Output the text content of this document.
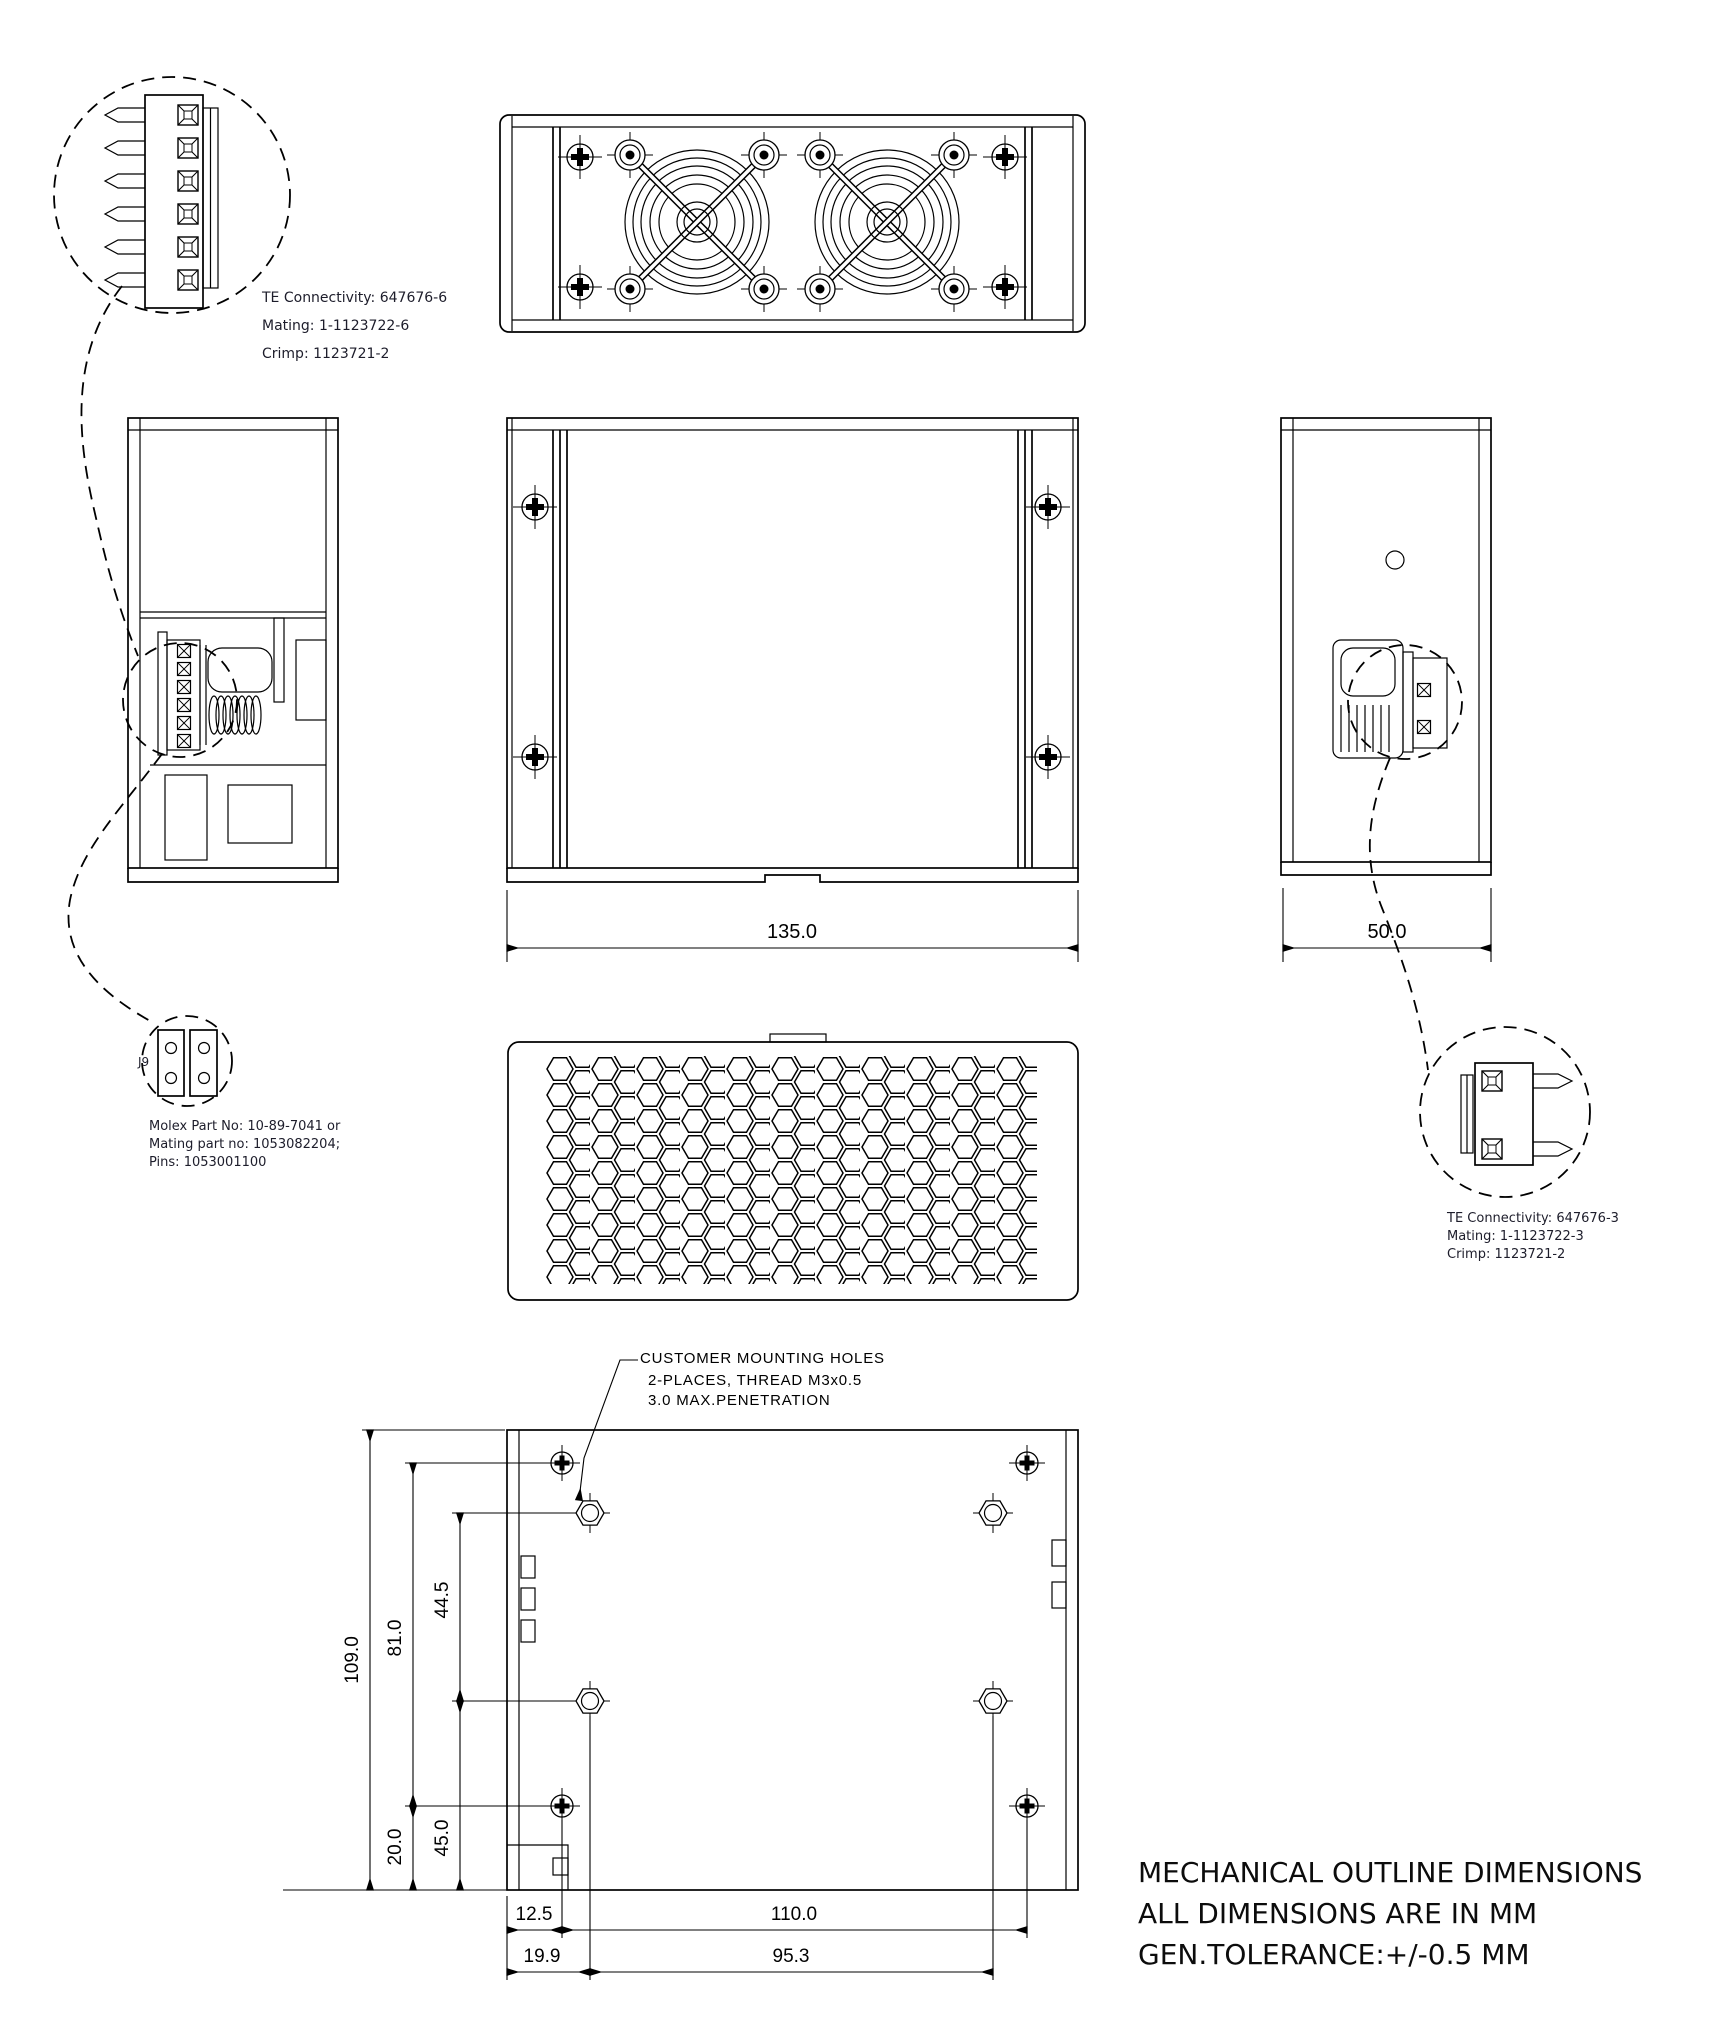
TE Connectivity: 647676-6
Mating: 1-1123722-6
Crimp: 1123721-2
135.0	50.0
J9
Molex Part No: 10-89-7041 or
Mating part no: 1053082204;
Pins: 1053001100
TE Connectivity: 647676-3
Mating: 1-1123722-3
Crimp: 1123721-2
CUSTOMER MOUNTING HOLES
2-PLACES, THREAD M3x0.5
3.0 MAX.PENETRATION
109.0 81.0
44.5
20.0 45.0
12.5	110.0
19.9	95.3
MECHANICAL OUTLINE DIMENSIONS
ALL DIMENSIONS ARE IN MM
GEN.TOLERANCE:+/-0.5 MM
